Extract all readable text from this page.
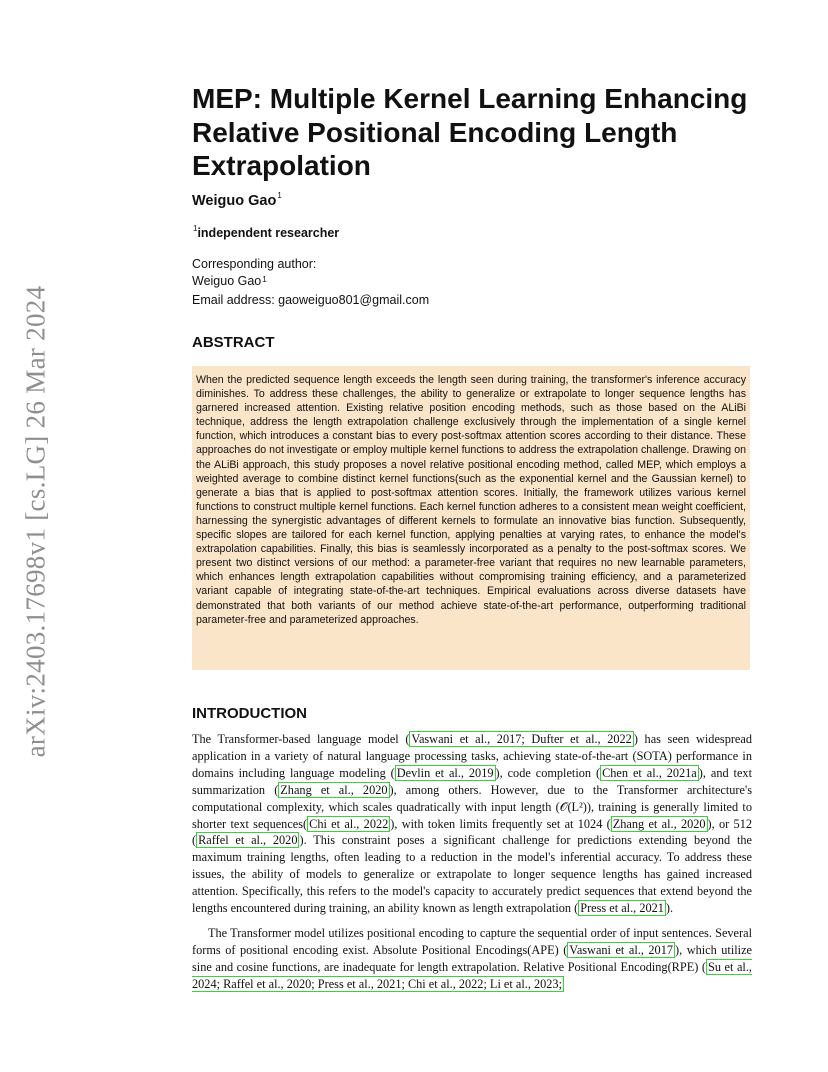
arXiv:2403.17698v1 [cs.LG] 26 Mar 2024
MEP: Multiple Kernel Learning Enhancing Relative Positional Encoding Length Extrapolation
Weiguo Gao$^1$
$^1$independent researcher
Corresponding author:
Weiguo Gao$^1$
Email address: gaoweiguo801@gmail.com
ABSTRACT

When the predicted sequence length exceeds the length seen during training, the transformer's inference accuracy diminishes. To address these challenges, the ability to generalize or extrapolate to longer sequence lengths has garnered increased attention. Existing relative position encoding methods, such as those based on the ALiBi technique, address the length extrapolation challenge exclusively through the implementation of a single kernel function, which introduces a constant bias to every post-softmax attention scores according to their distance. These approaches do not investigate or employ multiple kernel functions to address the extrapolation challenge. Drawing on the ALiBi approach, this study proposes a novel relative positional encoding method, called MEP, which employs a weighted average to combine distinct kernel functions(such as the exponential kernel and the Gaussian kernel) to generate a bias that is applied to post-softmax attention scores. Initially, the framework utilizes various kernel functions to construct multiple kernel functions. Each kernel function adheres to a consistent mean weight coefficient, harnessing the synergistic advantages of different kernels to formulate an innovative bias function. Subsequently, specific slopes are tailored for each kernel function, applying penalties at varying rates, to enhance the model's extrapolation capabilities. Finally, this bias is seamlessly incorporated as a penalty to the post-softmax scores. We present two distinct versions of our method: a parameter-free variant that requires no new learnable parameters, which enhances length extrapolation capabilities without compromising training efficiency, and a parameterized variant capable of integrating state-of-the-art techniques. Empirical evaluations across diverse datasets have demonstrated that both variants of our method achieve state-of-the-art performance, outperforming traditional parameter-free and parameterized approaches.

INTRODUCTION

The Transformer-based language model ( Vaswani et al., 2017; Dufter et al., 2022 ) has seen widespread application in a variety of natural language processing tasks, achieving state-of-the-art (SOTA) performance in domains including language modeling ( Devlin et al., 2019 ), code completion ( Chen et al., 2021a ), and text summarization ( Zhang et al., 2020 ), among others. However, due to the Transformer architecture's computational complexity, which scales quadratically with input length (𝒪(L²)), training is generally limited to shorter text sequences( Chi et al., 2022 ), with token limits frequently set at 1024 ( Zhang et al., 2020 ), or 512 ( Raffel et al., 2020 ). This constraint poses a significant challenge for predictions extending beyond the maximum training lengths, often leading to a reduction in the model's inferential accuracy. To address these issues, the ability of models to generalize or extrapolate to longer sequence lengths has gained increased attention. Specifically, this refers to the model's capacity to accurately predict sequences that extend beyond the lengths encountered during training, an ability known as length extrapolation ( Press et al., 2021 ).

The Transformer model utilizes positional encoding to capture the sequential order of input sentences. Several forms of positional encoding exist. Absolute Positional Encodings(APE) ( Vaswani et al., 2017 ), which utilize sine and cosine functions, are inadequate for length extrapolation. Relative Positional Encoding(RPE) ( Su et al., 2024; Raffel et al., 2020; Press et al., 2021; Chi et al., 2022; Li et al., 2023;
